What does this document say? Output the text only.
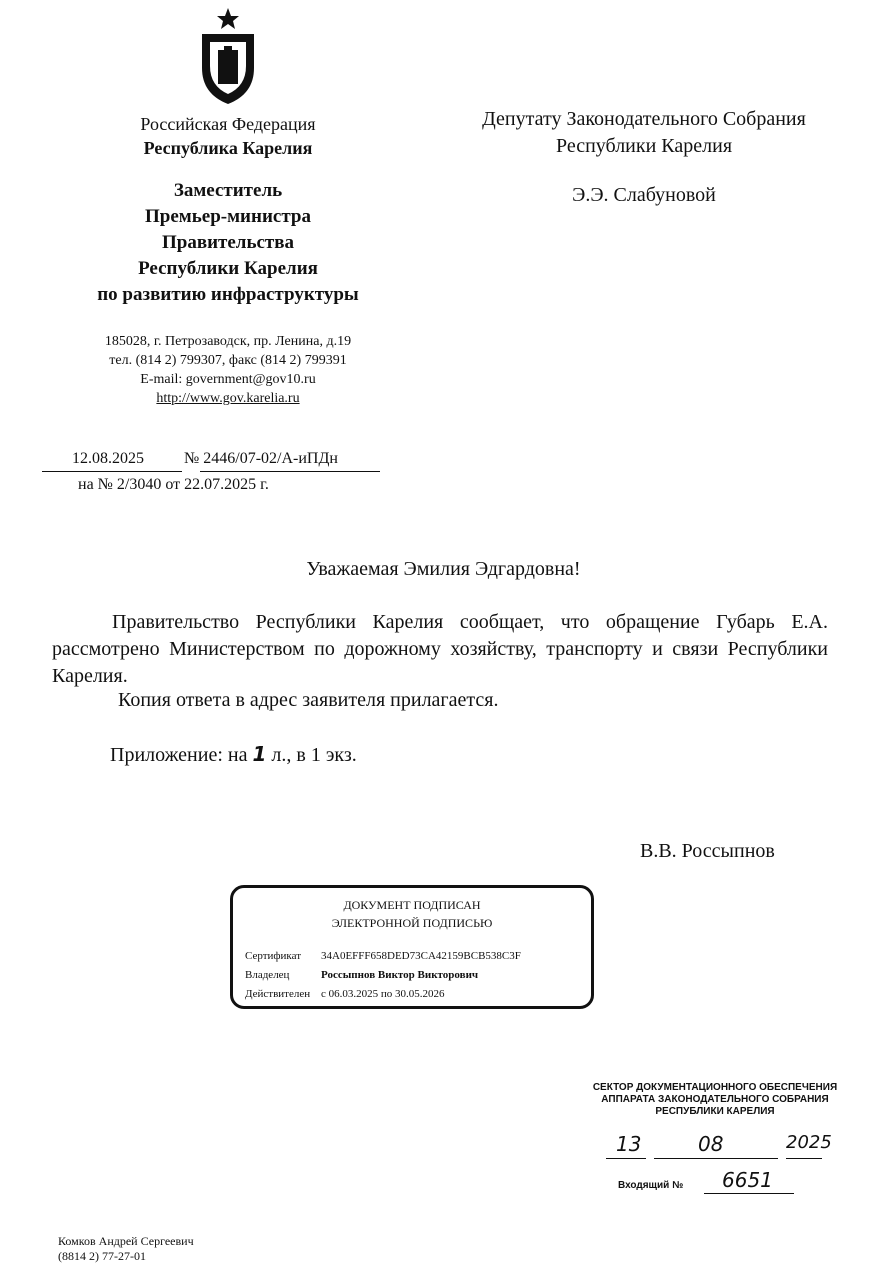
Российская Федерация
Республика Карелия
Заместитель
Премьер-министра
Правительства
Республики Карелия
по развитию инфраструктуры
185028, г. Петрозаводск, пр. Ленина, д.19
тел. (814 2) 799307, факс (814 2) 799391
E-mail: government@gov10.ru
http://www.gov.karelia.ru
Депутату Законодательного Собрания
Республики Карелия
Э.Э. Слабуновой
12.08.2025	№ 2446/07-02/А-иПДн
на № 2/3040 от 22.07.2025 г.
Уважаемая Эмилия Эдгардовна!
Правительство Республики Карелия сообщает, что обращение Губарь Е.А. рассмотрено Министерством по дорожному хозяйству, транспорту и связи Республики Карелия.
Копия ответа в адрес заявителя прилагается.
Приложение: на 1 л., в 1 экз.
В.В. Россыпнов
ДОКУМЕНТ ПОДПИСАН
ЭЛЕКТРОННОЙ ПОДПИСЬЮ
Сертификат 34A0EFFF658DED73CA42159BCB538C3F
Владелец	Россыпнов Виктор Викторович
Действителен с 06.03.2025 по 30.05.2026
СЕКТОР ДОКУМЕНТАЦИОННОГО ОБЕСПЕЧЕНИЯ
АППАРАТА ЗАКОНОДАТЕЛЬНОГО СОБРАНИЯ
РЕСПУБЛИКИ КАРЕЛИЯ
13	08	2025
Входящий № 6651
Комков Андрей Сергеевич
(8814 2) 77-27-01
